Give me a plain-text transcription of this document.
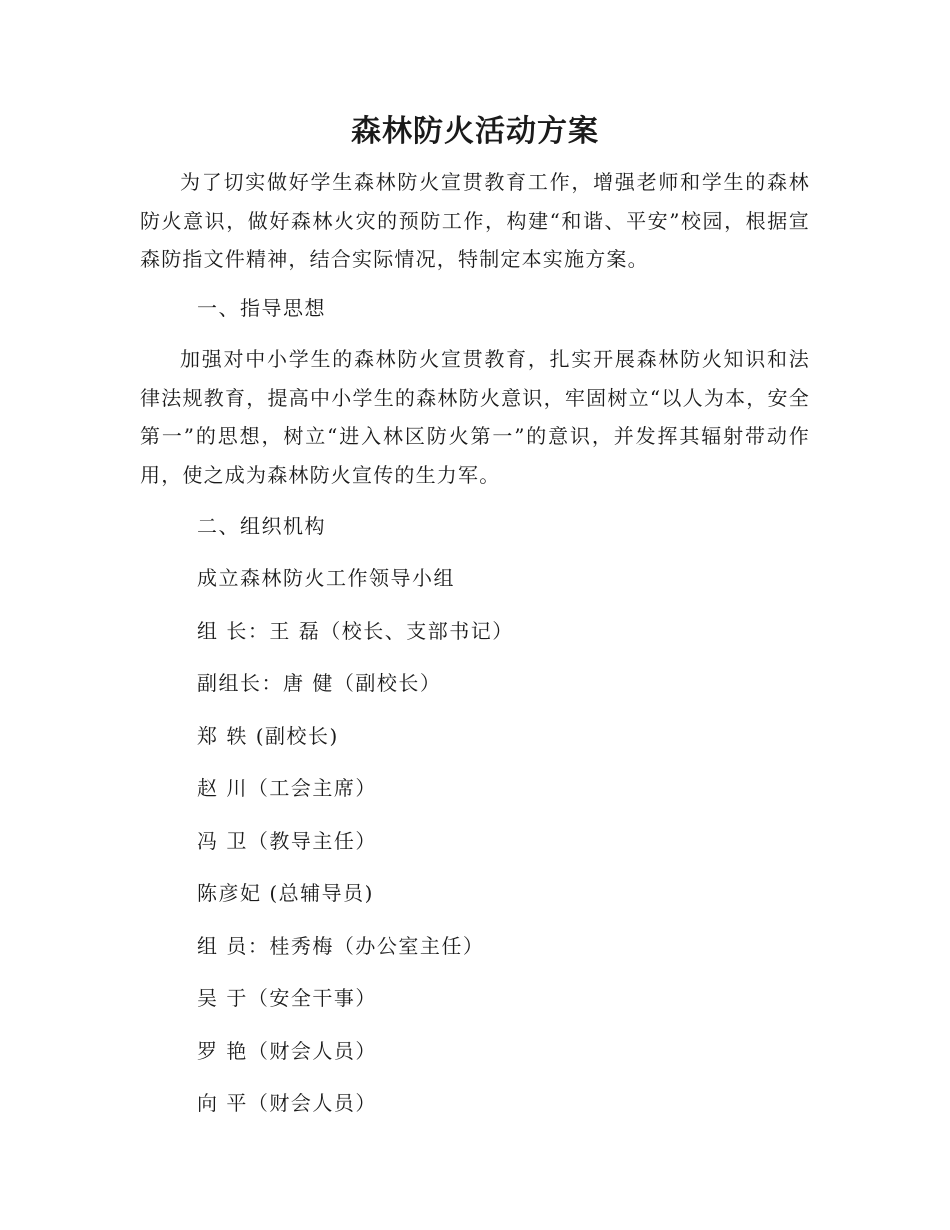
森林防火活动方案

为了切实做好学生森林防火宣贯教育工作，增强老师和学生的森林防火意识，做好森林火灾的预防工作，构建“和谐、平安”校园，根据宣森防指文件精神，结合实际情况，特制定本实施方案。

一、指导思想

加强对中小学生的森林防火宣贯教育，扎实开展森林防火知识和法律法规教育，提高中小学生的森林防火意识，牢固树立“以人为本，安全第一”的思想，树立“进入林区防火第一”的意识，并发挥其辐射带动作用，使之成为森林防火宣传的生力军。

二、组织机构

成立森林防火工作领导小组

组 长：王 磊（校长、支部书记）

副组长：唐 健（副校长）

郑 轶 (副校长)

赵 川（工会主席）

冯 卫（教导主任）

陈彦妃 (总辅导员)

组 员：桂秀梅（办公室主任）

吴 于（安全干事）

罗 艳（财会人员）

向 平（财会人员）
